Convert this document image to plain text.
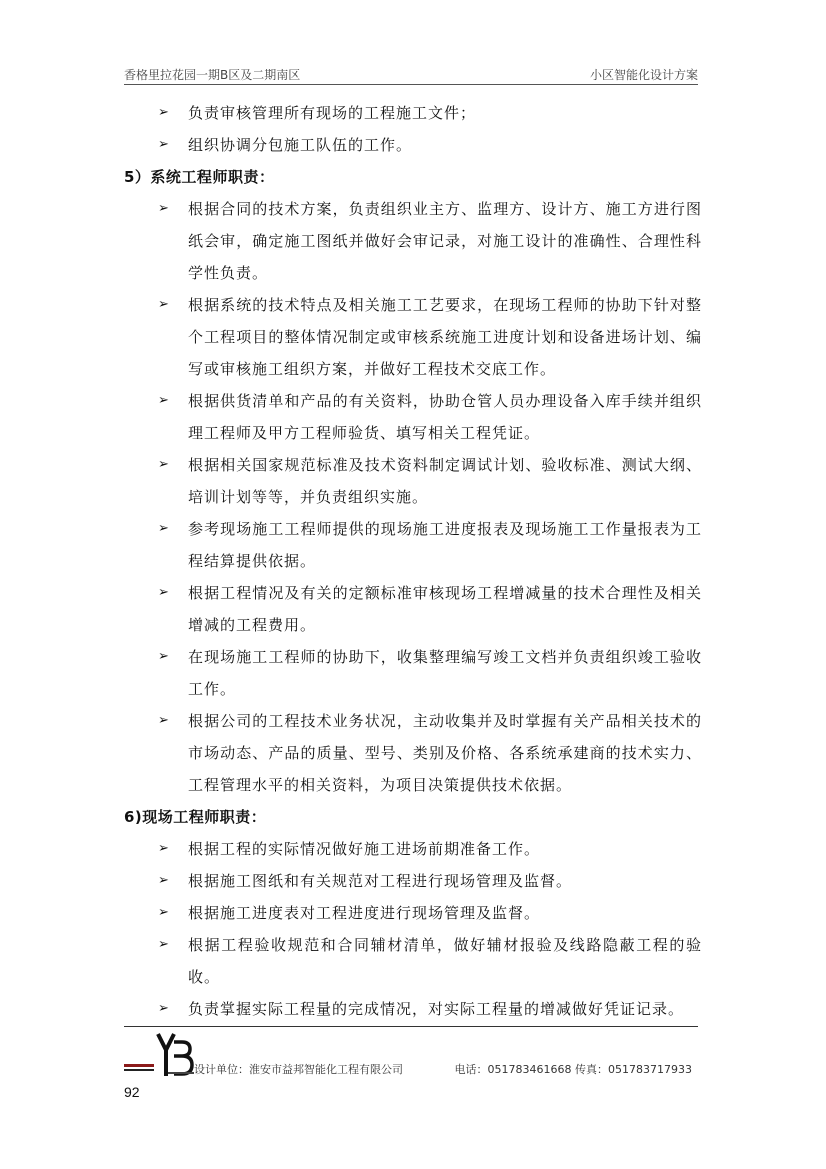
香格里拉花园一期B区及二期南区	小区智能化设计方案
➢ 负责审核管理所有现场的工程施工文件；
➢ 组织协调分包施工队伍的工作。
5）系统工程师职责：
➢ 根据合同的技术方案，负责组织业主方、监理方、设计方、施工方进行图纸会审，确定施工图纸并做好会审记录，对施工设计的准确性、合理性科学性负责。
➢ 根据系统的技术特点及相关施工工艺要求，在现场工程师的协助下针对整个工程项目的整体情况制定或审核系统施工进度计划和设备进场计划、编写或审核施工组织方案，并做好工程技术交底工作。
➢ 根据供货清单和产品的有关资料，协助仓管人员办理设备入库手续并组织理工程师及甲方工程师验货、填写相关工程凭证。
➢ 根据相关国家规范标准及技术资料制定调试计划、验收标准、测试大纲、培训计划等等，并负责组织实施。
➢ 参考现场施工工程师提供的现场施工进度报表及现场施工工作量报表为工程结算提供依据。
➢ 根据工程情况及有关的定额标准审核现场工程增减量的技术合理性及相关增减的工程费用。
➢ 在现场施工工程师的协助下，收集整理编写竣工文档并负责组织竣工验收工作。
➢ 根据公司的工程技术业务状况，主动收集并及时掌握有关产品相关技术的市场动态、产品的质量、型号、类别及价格、各系统承建商的技术实力、工程管理水平的相关资料，为项目决策提供技术依据。
6)现场工程师职责：
➢ 根据工程的实际情况做好施工进场前期准备工作。
➢ 根据施工图纸和有关规范对工程进行现场管理及监督。
➢ 根据施工进度表对工程进度进行现场管理及监督。
➢ 根据工程验收规范和合同辅材清单，做好辅材报验及线路隐蔽工程的验收。
➢ 负责掌握实际工程量的完成情况，对实际工程量的增减做好凭证记录。
设计单位：淮安市益邦智能化工程有限公司	电话：051783461668 传真：051783717933
92
